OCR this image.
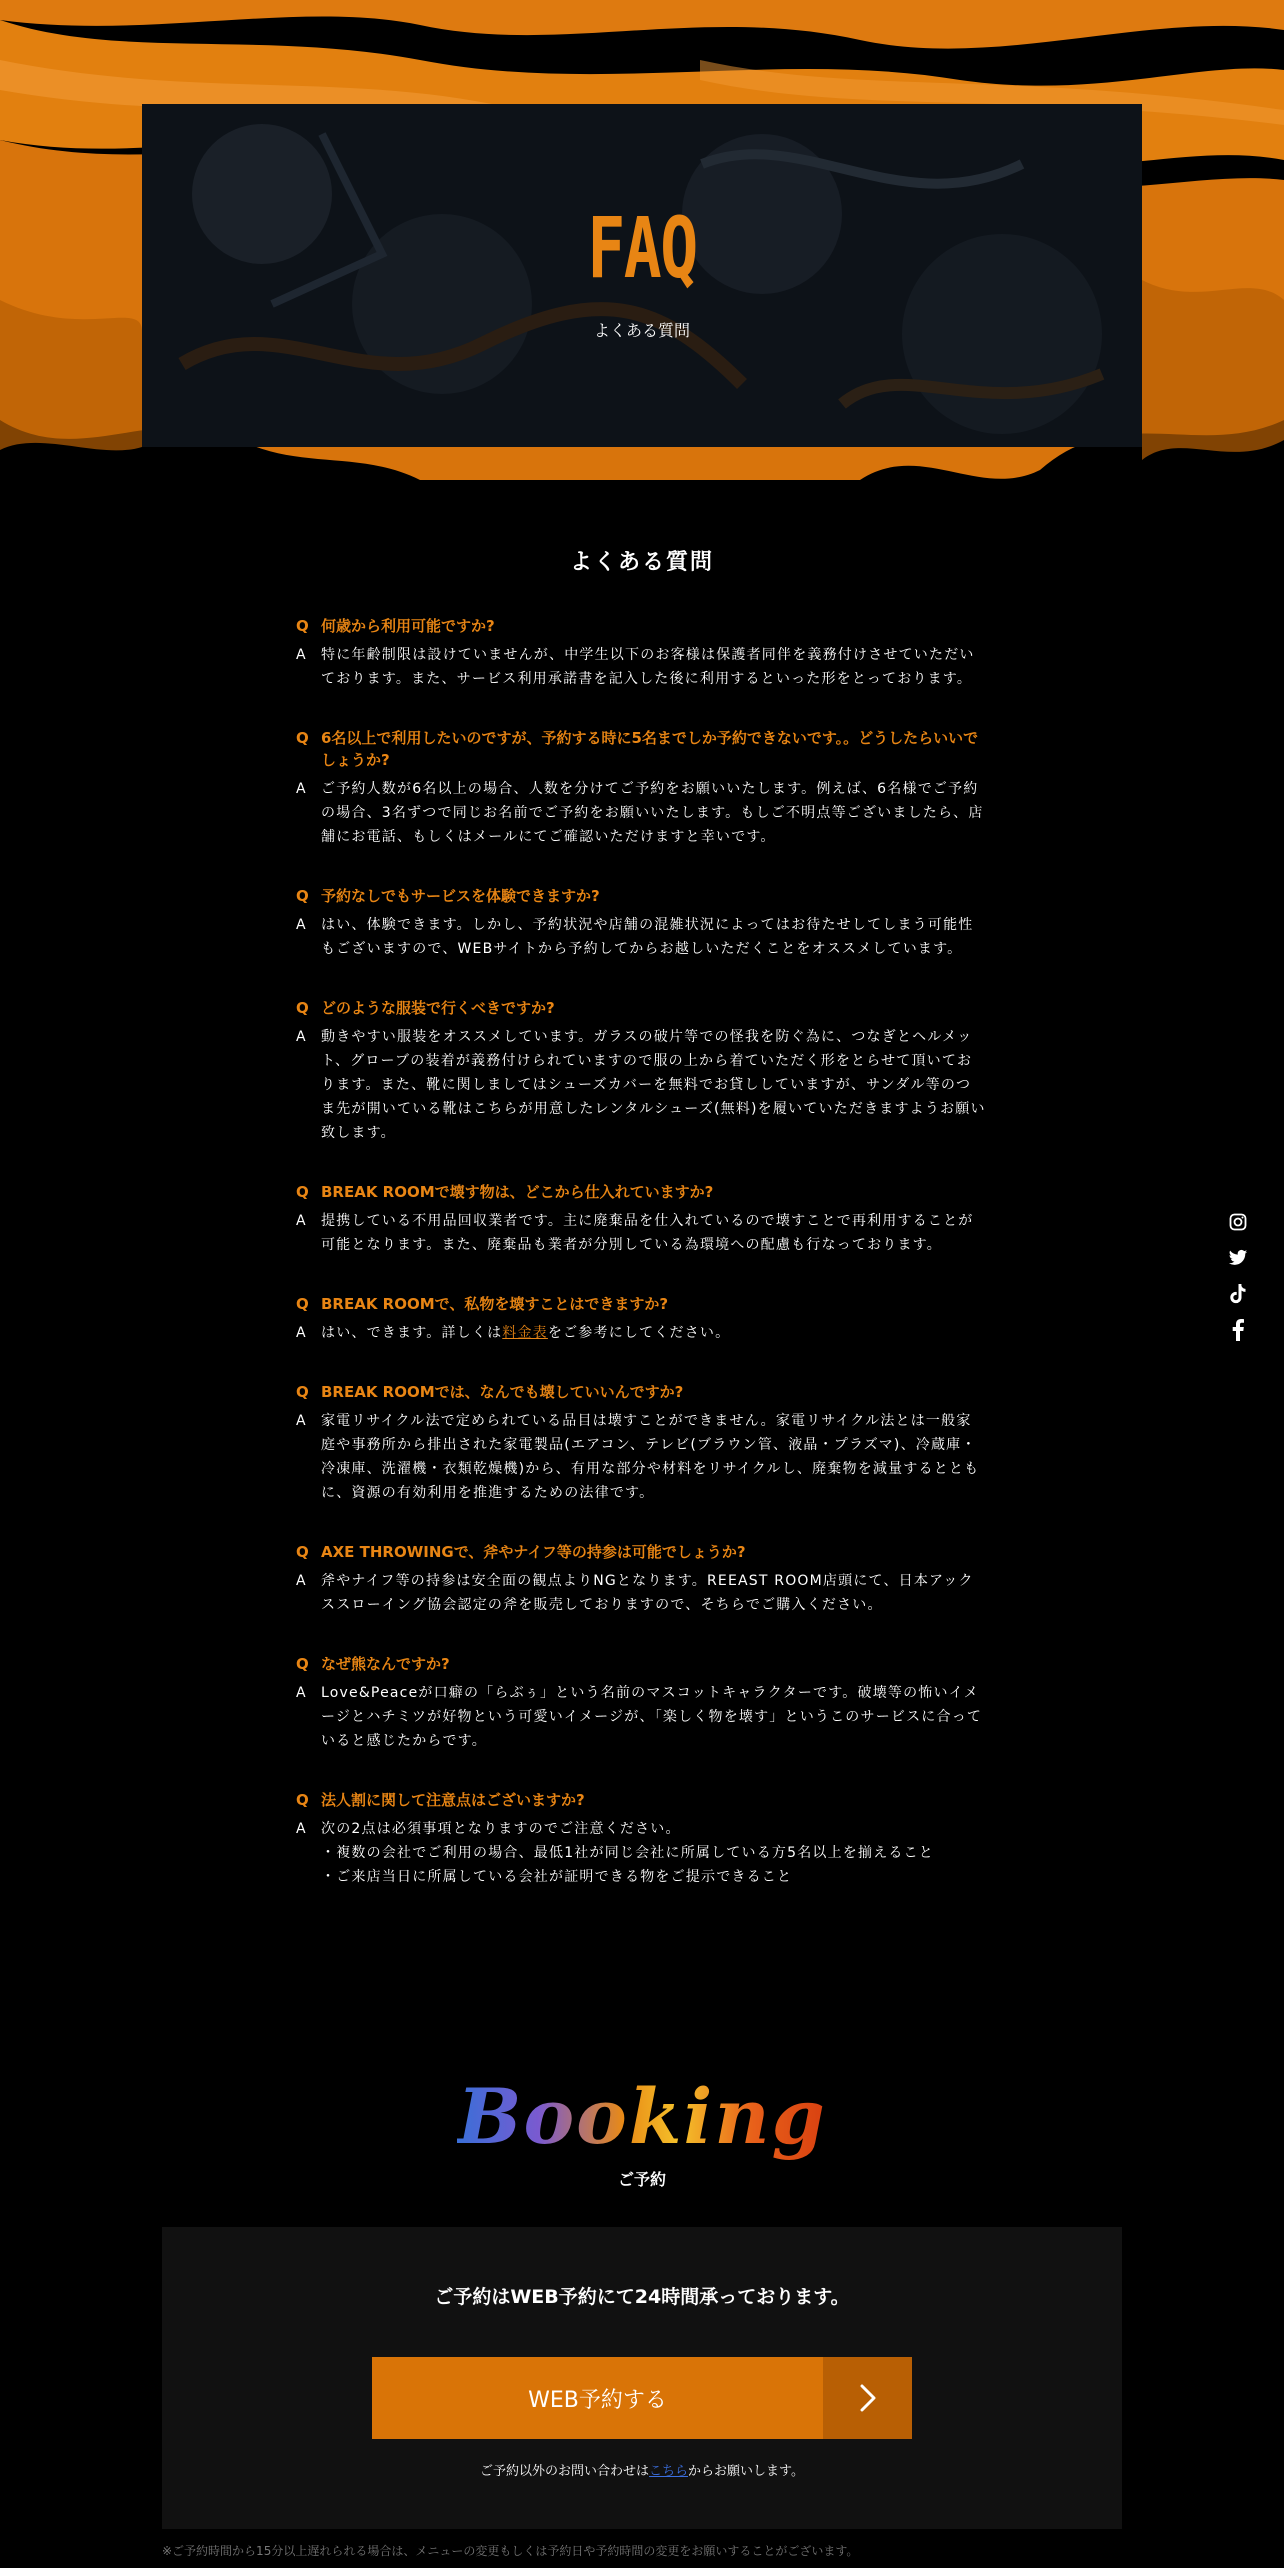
FAQ
よくある質問
よくある質問
Q 何歳から利用可能ですか?
A	特に年齢制限は設けていませんが、中学生以下のお客様は保護者同伴を義務付けさせていただいております。また、サービス利用承諾書を記入した後に利用するといった形をとっております。
Q 6名以上で利用したいのですが、予約する時に5名までしか予約できないです。。どうしたらいいでしょうか?
A	ご予約人数が6名以上の場合、人数を分けてご予約をお願いいたします。例えば、6名様でご予約の場合、3名ずつで同じお名前でご予約をお願いいたします。もしご不明点等ございましたら、店舗にお電話、もしくはメールにてご確認いただけますと幸いです。
Q 予約なしでもサービスを体験できますか?
A	はい、体験できます。しかし、予約状況や店舗の混雑状況によってはお待たせしてしまう可能性もございますので、WEBサイトから予約してからお越しいただくことをオススメしています。
Q どのような服装で行くべきですか?
A	動きやすい服装をオススメしています。ガラスの破片等での怪我を防ぐ為に、つなぎとヘルメット、グローブの装着が義務付けられていますので服の上から着ていただく形をとらせて頂いております。また、靴に関しましてはシューズカバーを無料でお貸ししていますが、サンダル等のつま先が開いている靴はこちらが用意したレンタルシューズ(無料)を履いていただきますようお願い致します。
Q BREAK ROOMで壊す物は、どこから仕入れていますか?
A	提携している不用品回収業者です。主に廃棄品を仕入れているので壊すことで再利用することが可能となります。また、廃棄品も業者が分別している為環境への配慮も行なっております。
Q BREAK ROOMで、私物を壊すことはできますか?
A	はい、できます。詳しくは料金表をご参考にしてください。
Q BREAK ROOMでは、なんでも壊していいんですか?
A	家電リサイクル法で定められている品目は壊すことができません。家電リサイクル法とは一般家庭や事務所から排出された家電製品(エアコン、テレビ(ブラウン管、液晶・プラズマ)、冷蔵庫・冷凍庫、洗濯機・衣類乾燥機)から、有用な部分や材料をリサイクルし、廃棄物を減量するとともに、資源の有効利用を推進するための法律です。
Q AXE THROWINGで、斧やナイフ等の持参は可能でしょうか?
A	斧やナイフ等の持参は安全面の観点よりNGとなります。REEAST ROOM店頭にて、日本アックススローイング協会認定の斧を販売しておりますので、そちらでご購入ください。
Q なぜ熊なんですか?
A	Love&Peaceが口癖の「らぶぅ」という名前のマスコットキャラクターです。破壊等の怖いイメージとハチミツが好物という可愛いイメージが、「楽しく物を壊す」というこのサービスに合っていると感じたからです。
Q 法人割に関して注意点はございますか?
A	次の2点は必須事項となりますのでご注意ください。
・複数の会社でご利用の場合、最低1社が同じ会社に所属している方5名以上を揃えること
・ご来店当日に所属している会社が証明できる物をご提示できること
Booking
ご予約
ご予約はWEB予約にて24時間承っております。
WEB予約する
ご予約以外のお問い合わせはこちらからお願いします。
※ご予約時間から15分以上遅れられる場合は、メニューの変更もしくは予約日や予約時間の変更をお願いすることがございます。
